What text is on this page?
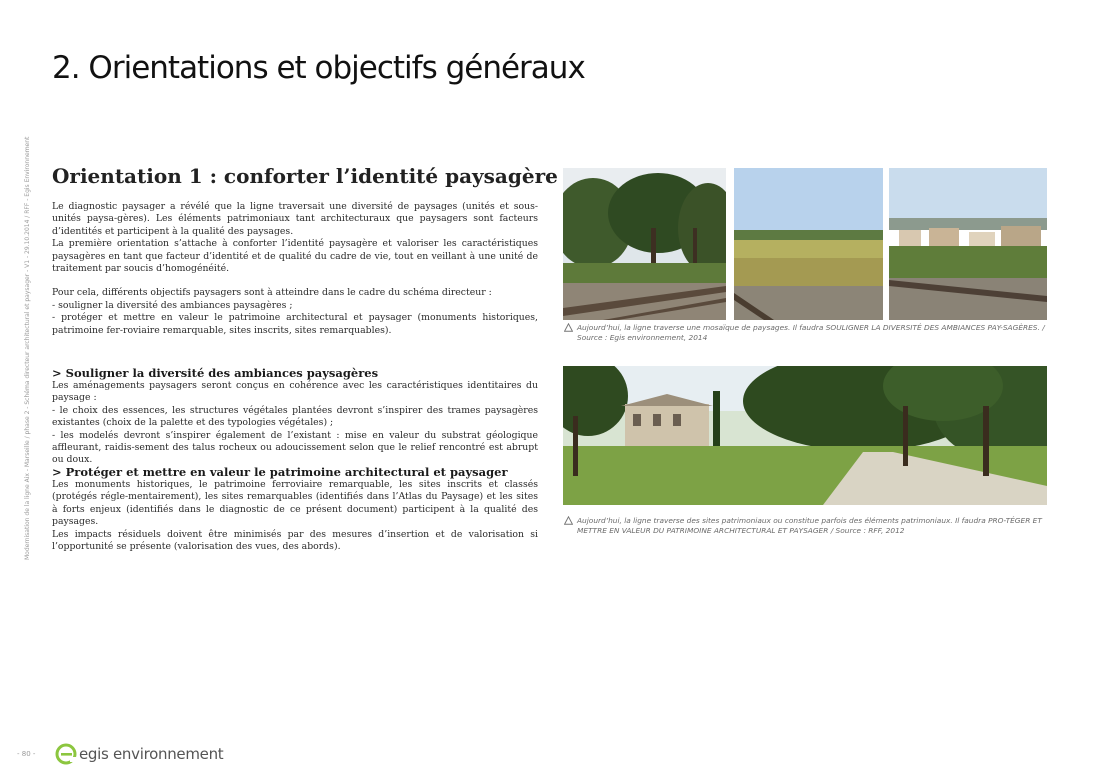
2. Orientations et objectifs généraux
Orientation 1 : conforter l’identité paysagère

Le diagnostic paysager a révélé que la ligne traversait une diversité de paysages (unités et sous-unités paysa-gères). Les éléments patrimoniaux tant architecturaux que paysagers sont facteurs d’identités et participent à la qualité des paysages.

La première orientation s’attache à conforter l’identité paysagère et valoriser les caractéristiques paysagères en tant que facteur d’identité et de qualité du cadre de vie, tout en veillant à une unité de traitement par soucis d’homogénéité.

Pour cela, différents objectifs paysagers sont à atteindre dans le cadre du schéma directeur :

- souligner la diversité des ambiances paysagères ;

- protéger et mettre en valeur le patrimoine architectural et paysager (monuments historiques, patrimoine fer-roviaire remarquable, sites inscrits, sites remarquables).

> Souligner la diversité des ambiances paysagères

Les aménagements paysagers seront conçus en cohérence avec les caractéristiques identitaires du paysage :

- le choix des essences, les structures végétales plantées devront s’inspirer des trames paysagères existantes (choix de la palette et des typologies végétales) ;

- les modelés devront s’inspirer également de l’existant : mise en valeur du substrat géologique affleurant, raidis-sement des talus rocheux ou adoucissement selon que le relief rencontré est abrupt ou doux.

> Protéger et mettre en valeur le patrimoine architectural et paysager

Les monuments historiques, le patrimoine ferroviaire remarquable, les sites inscrits et classés (protégés régle-mentairement), les sites remarquables (identifiés dans l’Atlas du Paysage) et les sites à forts enjeux (identifiés dans le diagnostic de ce présent document) participent à la qualité des paysages.

Les impacts résiduels doivent être minimisés par des mesures d’insertion et de valorisation si l’opportunité se présente (valorisation des vues, des abords).

Aujourd’hui, la ligne traverse une mosaïque de paysages. Il faudra SOULIGNER LA DIVERSITÉ DES AMBIANCES PAY-SAGÈRES. / Source : Egis environnement, 2014
Aujourd’hui, la ligne traverse des sites patrimoniaux ou constitue parfois des éléments patrimoniaux. Il faudra PRO-TÉGER ET METTRE EN VALEUR DU PATRIMOINE ARCHITECTURAL ET PAYSAGER / Source : RFF, 2012
Modernisation de la ligne Aix - Marseille / phase 2 - Schéma directeur architectural et paysager - V1 - 29.10.2014 / RFF - Egis Environnement
- 80 -	egis environnement
